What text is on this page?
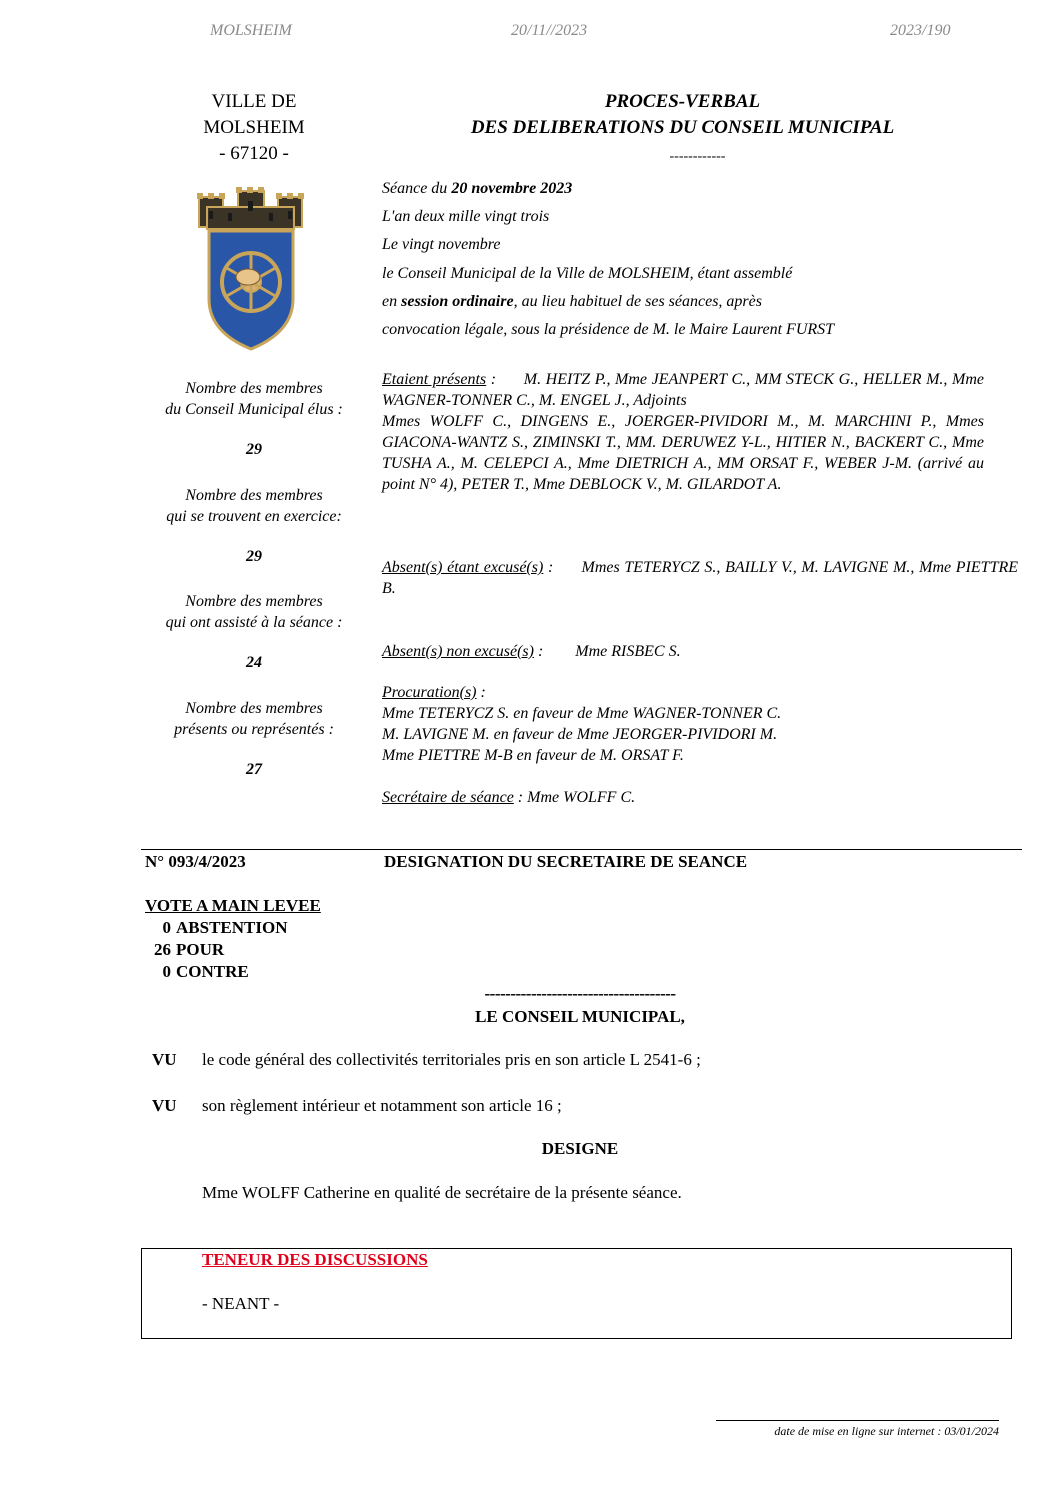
MOLSHEIM	20/11//2023	2023/190
VILLE DE
MOLSHEIM
- 67120 -
PROCES-VERBAL
DES DELIBERATIONS DU CONSEIL MUNICIPAL
------------
Séance du 20 novembre 2023
L'an deux mille vingt trois
Le vingt novembre
le Conseil Municipal de la Ville de MOLSHEIM, étant assemblé
en session ordinaire, au lieu habituel de ses séances, après
convocation légale, sous la présidence de M. le Maire Laurent FURST
Nombre des membres
du Conseil Municipal élus :
29
Nombre des membres
qui se trouvent en exercice:
29
Nombre des membres
qui ont assisté à la séance :
24
Nombre des membres
présents ou représentés :
27
Etaient présents : M. HEITZ P., Mme JEANPERT C., MM STECK G., HELLER M., Mme WAGNER-TONNER C., M. ENGEL J., Adjoints
Mmes WOLFF C., DINGENS E., JOERGER-PIVIDORI M., M. MARCHINI P., Mmes GIACONA-WANTZ S., ZIMINSKI T., MM. DERUWEZ Y-L., HITIER N., BACKERT C., Mme TUSHA A., M. CELEPCI A., Mme DIETRICH A., MM ORSAT F., WEBER J-M. (arrivé au point N° 4), PETER T., Mme DEBLOCK V., M. GILARDOT A.
Absent(s) étant excusé(s) : Mmes TETERYCZ S., BAILLY V., M. LAVIGNE M., Mme PIETTRE B.
Absent(s) non excusé(s) : Mme RISBEC S.
Procuration(s) :
Mme TETERYCZ S. en faveur de Mme WAGNER-TONNER C.
M. LAVIGNE M. en faveur de Mme JEORGER-PIVIDORI M.
Mme PIETTRE M-B en faveur de M. ORSAT F.
Secrétaire de séance : Mme WOLFF C.
N° 093/4/2023	DESIGNATION DU SECRETAIRE DE SEANCE
VOTE A MAIN LEVEE
0 ABSTENTION
26 POUR
0 CONTRE
-------------------------------------
LE CONSEIL MUNICIPAL,
VU le code général des collectivités territoriales pris en son article L 2541-6 ;
VU son règlement intérieur et notamment son article 16 ;
DESIGNE
Mme WOLFF Catherine en qualité de secrétaire de la présente séance.
TENEUR DES DISCUSSIONS
- NEANT -
date de mise en ligne sur internet : 03/01/2024
